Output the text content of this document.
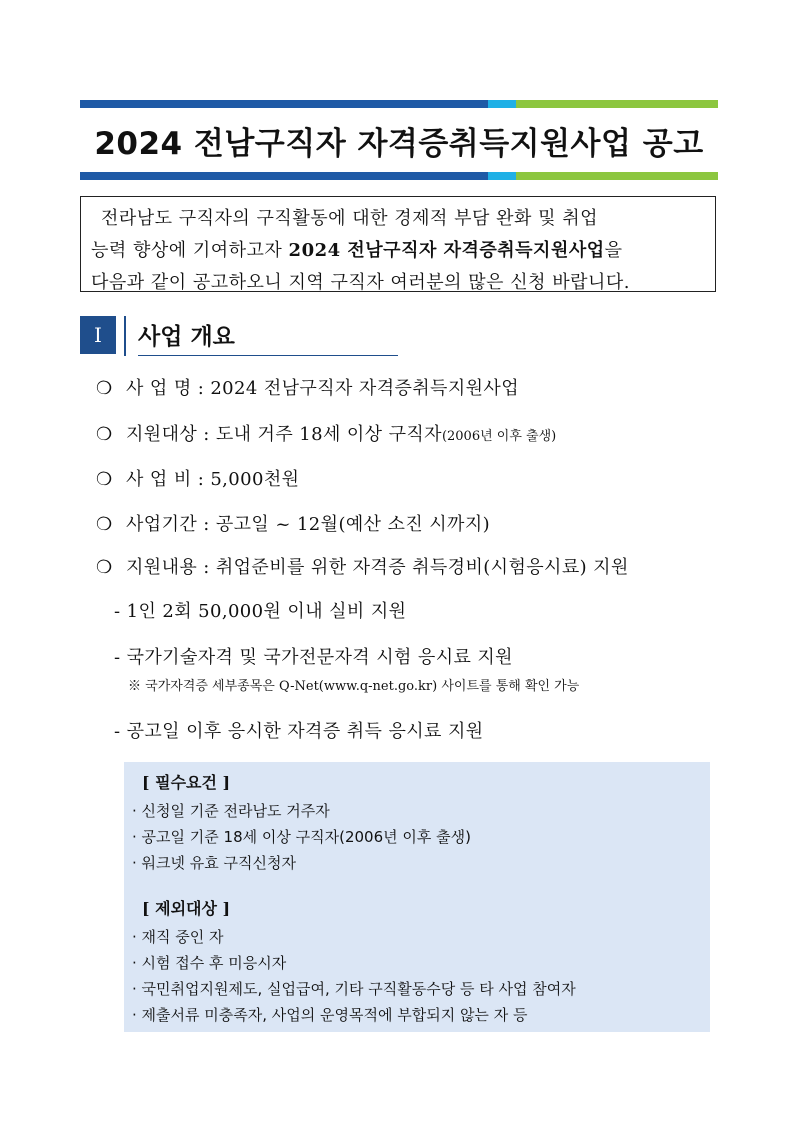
2024 전남구직자 자격증취득지원사업 공고
전라남도 구직자의 구직활동에 대한 경제적 부담 완화 및 취업
능력 향상에 기여하고자 2024 전남구직자 자격증취득지원사업을
다음과 같이 공고하오니 지역 구직자 여러분의 많은 신청 바랍니다.
I	사업 개요
❍ 사 업 명 : 2024 전남구직자 자격증취득지원사업
❍ 지원대상 : 도내 거주 18세 이상 구직자(2006년 이후 출생)
❍ 사 업 비 : 5,000천원
❍ 사업기간 : 공고일 ~ 12월(예산 소진 시까지)
❍ 지원내용 : 취업준비를 위한 자격증 취득경비(시험응시료) 지원
- 1인 2회 50,000원 이내 실비 지원
- 국가기술자격 및 국가전문자격 시험 응시료 지원
※ 국가자격증 세부종목은 Q-Net(www.q-net.go.kr) 사이트를 통해 확인 가능
- 공고일 이후 응시한 자격증 취득 응시료 지원
[ 필수요건 ]
· 신청일 기준 전라남도 거주자
· 공고일 기준 18세 이상 구직자(2006년 이후 출생)
· 워크넷 유효 구직신청자
[ 제외대상 ]
· 재직 중인 자
· 시험 접수 후 미응시자
· 국민취업지원제도, 실업급여, 기타 구직활동수당 등 타 사업 참여자
· 제출서류 미충족자, 사업의 운영목적에 부합되지 않는 자 등
